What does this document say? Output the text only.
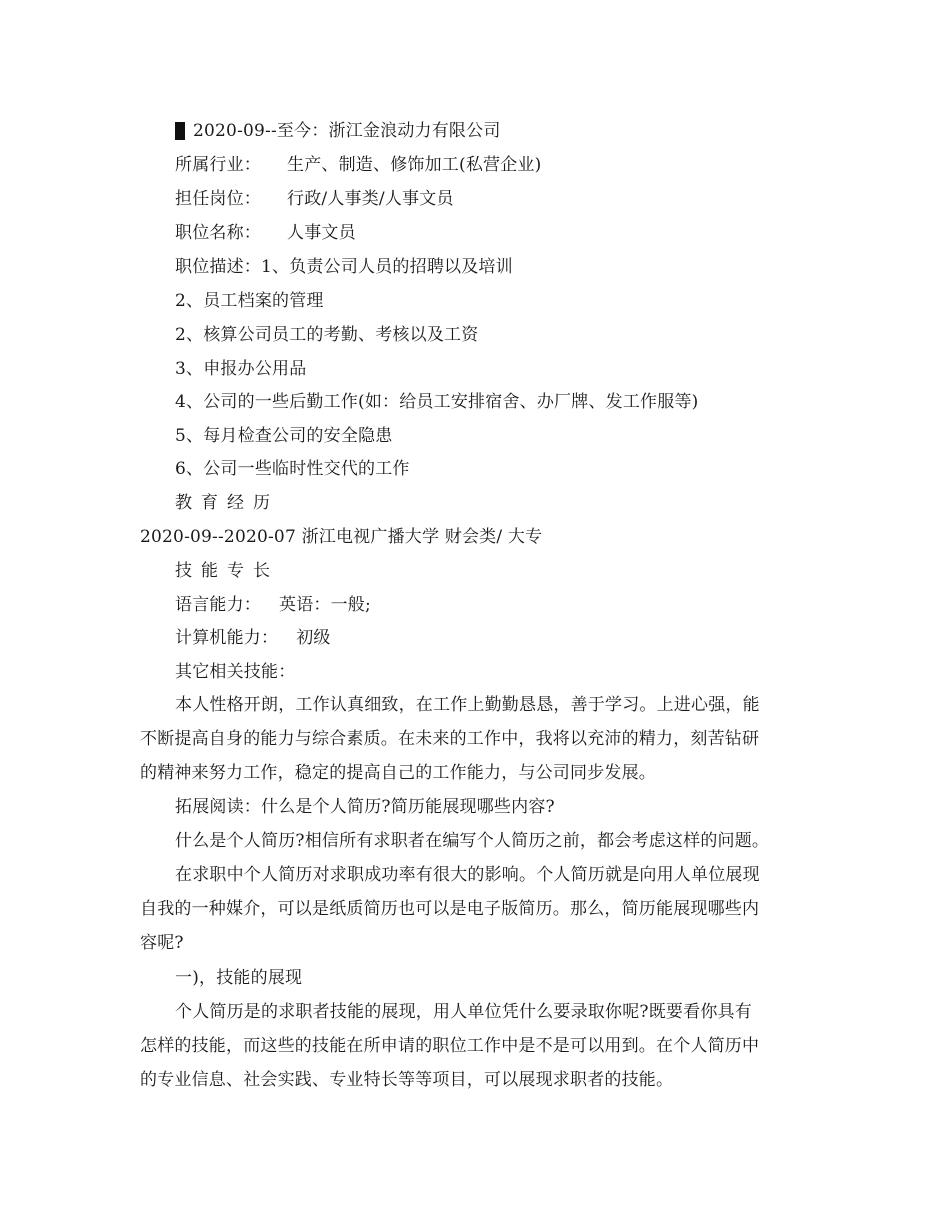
2020-09--至今：浙江金浪动力有限公司
所属行业： 生产、制造、修饰加工(私营企业)
担任岗位： 行政/人事类/人事文员
职位名称： 人事文员
职位描述：1、负责公司人员的招聘以及培训
2、员工档案的管理
2、核算公司员工的考勤、考核以及工资
3、申报办公用品
4、公司的一些后勤工作(如：给员工安排宿舍、办厂牌、发工作服等)
5、每月检查公司的安全隐患
6、公司一些临时性交代的工作
教育经历
2020-09--2020-07 浙江电视广播大学 财会类/ 大专
技能专长
语言能力： 英语：一般;
计算机能力： 初级
其它相关技能：
本人性格开朗，工作认真细致，在工作上勤勤恳恳，善于学习。上进心强，能
不断提高自身的能力与综合素质。在未来的工作中，我将以充沛的精力，刻苦钻研
的精神来努力工作，稳定的提高自己的工作能力，与公司同步发展。
拓展阅读：什么是个人简历?简历能展现哪些内容?
什么是个人简历?相信所有求职者在编写个人简历之前，都会考虑这样的问题。
在求职中个人简历对求职成功率有很大的影响。个人简历就是向用人单位展现
自我的一种媒介，可以是纸质简历也可以是电子版简历。那么，简历能展现哪些内
容呢?
一)，技能的展现
个人简历是的求职者技能的展现，用人单位凭什么要录取你呢?既要看你具有
怎样的技能，而这些的技能在所申请的职位工作中是不是可以用到。在个人简历中
的专业信息、社会实践、专业特长等等项目，可以展现求职者的技能。
